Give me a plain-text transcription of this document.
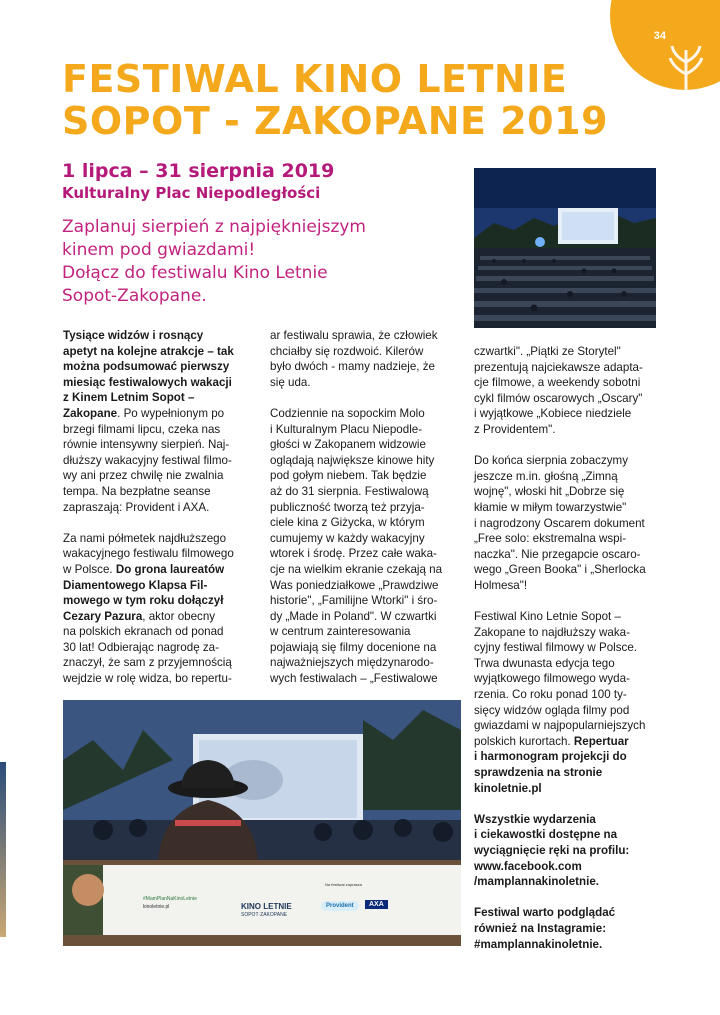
34
FESTIWAL KINO LETNIE
SOPOT - ZAKOPANE 2019

1 lipca – 31 sierpnia 2019

Kulturalny Plac Niepodległości

Zaplanuj sierpień z najpiękniejszym
kinem pod gwiazdami!
Dołącz do festiwalu Kino Letnie
Sopot-Zakopane.

Tysiące widzów i rosnący
apetyt na kolejne atrakcje – tak
można podsumować pierwszy
miesiąc festiwalowych wakacji
z Kinem Letnim Sopot –
Zakopane. Po wypełnionym po
brzegi filmami lipcu, czeka nas
równie intensywny sierpień. Naj-
dłuższy wakacyjny festiwal filmo-
wy ani przez chwilę nie zwalnia
tempa. Na bezpłatne seanse
zapraszają: Provident i AXA.
Za nami półmetek najdłuższego
wakacyjnego festiwalu filmowego
w Polsce. Do grona laureatów
Diamentowego Klapsa Fil-
mowego w tym roku dołączył
Cezary Pazura, aktor obecny
na polskich ekranach od ponad
30 lat! Odbierając nagrodę za-
znaczył, że sam z przyjemnością
wejdzie w rolę widza, bo repertu-
ar festiwalu sprawia, że człowiek
chciałby się rozdwoić. Kilerów
było dwóch - mamy nadzieje, że
się uda.
Codziennie na sopockim Molo
i Kulturalnym Placu Niepodle-
głości w Zakopanem widzowie
oglądają największe kinowe hity
pod gołym niebem. Tak będzie
aż do 31 sierpnia. Festiwalową
publiczność tworzą też przyja-
ciele kina z Giżycka, w którym
cumujemy w każdy wakacyjny
wtorek i środę. Przez całe waka-
cje na wielkim ekranie czekają na
Was poniedziałkowe „Prawdziwe
historie", „Familijne Wtorki" i śro-
dy „Made in Poland". W czwartki
w centrum zainteresowania
pojawiają się filmy docenione na
najważniejszych międzynarodo-
wych festiwalach – „Festiwalowe
czwartki". „Piątki ze Storytel"
prezentują najciekawsze adapta-
cje filmowe, a weekendy sobotni
cykl filmów oscarowych „Oscary"
i wyjątkowe „Kobiece niedziele
z Providentem".
Do końca sierpnia zobaczymy
jeszcze m.in. głośną „Zimną
wojnę", włoski hit „Dobrze się
kłamie w miłym towarzystwie"
i nagrodzony Oscarem dokument
„Free solo: ekstremalna wspi-
naczka". Nie przegapcie oscaro-
wego „Green Booka" i „Sherlocka
Holmesa"!
Festiwal Kino Letnie Sopot –
Zakopane to najdłuższy waka-
cyjny festiwal filmowy w Polsce.
Trwa dwunasta edycja tego
wyjątkowego filmowego wyda-
rzenia. Co roku ponad 100 ty-
sięcy widzów ogląda filmy pod
gwiazdami w najpopularniejszych
polskich kurortach. Repertuar
i harmonogram projekcji do
sprawdzenia na stronie
kinoletnie.pl
Wszystkie wydarzenia
i ciekawostki dostępne na
wyciągnięcie ręki na profilu:
www.facebook.com
/mamplannakinoletnie.
Festiwal warto podglądać
również na Instagramie:
#mamplannakinoletnie.
#MamPlanNaKinoLetnie
kinoletnie.pl	KINO LETNIE
SOPOT·ZAKOPANE
Na festiwal zaprasza
Provident	AXA
